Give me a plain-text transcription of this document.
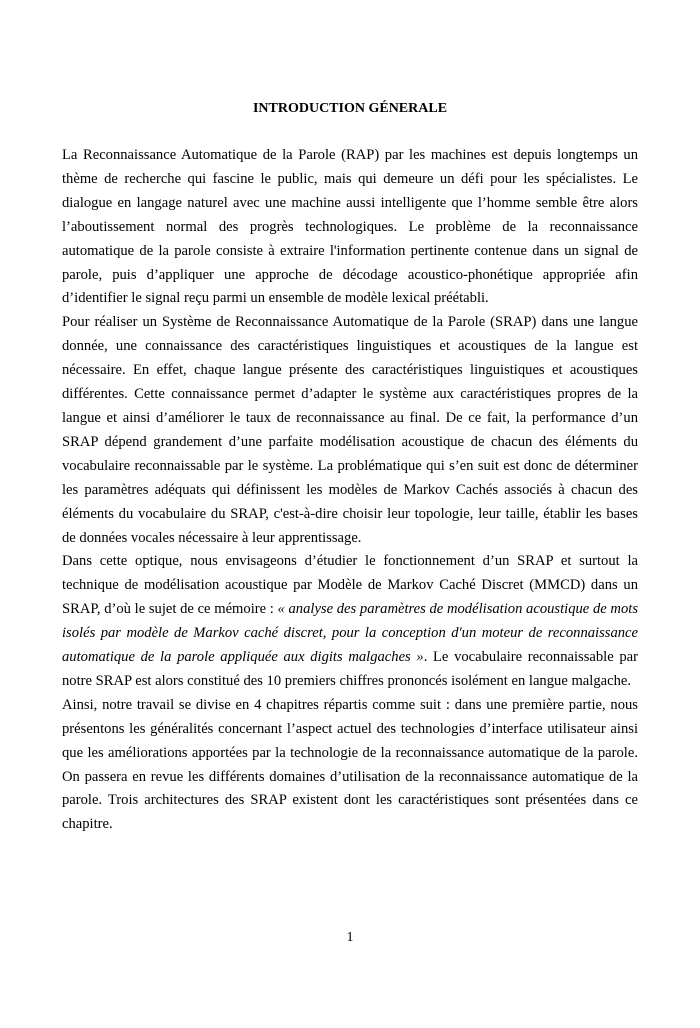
INTRODUCTION GÉNERALE

La Reconnaissance Automatique de la Parole (RAP) par les machines est depuis longtemps un thème de recherche qui fascine le public, mais qui demeure un défi pour les spécialistes. Le dialogue en langage naturel avec une machine aussi intelligente que l’homme semble être alors l’aboutissement normal des progrès technologiques. Le problème de la reconnaissance automatique de la parole consiste à extraire l'information pertinente contenue dans un signal de parole, puis d’appliquer une approche de décodage acoustico-phonétique appropriée afin d’identifier le signal reçu parmi un ensemble de modèle lexical préétabli.

Pour réaliser un Système de Reconnaissance Automatique de la Parole (SRAP) dans une langue donnée, une connaissance des caractéristiques linguistiques et acoustiques de la langue est nécessaire. En effet, chaque langue présente des caractéristiques linguistiques et acoustiques différentes. Cette connaissance permet d’adapter le système aux caractéristiques propres de la langue et ainsi d’améliorer le taux de reconnaissance au final. De ce fait, la performance d’un SRAP dépend grandement d’une parfaite modélisation acoustique de chacun des éléments du vocabulaire reconnaissable par le système. La problématique qui s’en suit est donc de déterminer les paramètres adéquats qui définissent les modèles de Markov Cachés associés à chacun des éléments du vocabulaire du SRAP, c'est-à-dire choisir leur topologie, leur taille, établir les bases de données vocales nécessaire à leur apprentissage.

Dans cette optique, nous envisageons d’étudier le fonctionnement d’un SRAP et surtout la technique de modélisation acoustique par Modèle de Markov Caché Discret (MMCD) dans un SRAP, d’où le sujet de ce mémoire : « analyse des paramètres de modélisation acoustique de mots isolés par modèle de Markov caché discret, pour la conception d'un moteur de reconnaissance automatique de la parole appliquée aux digits malgaches ». Le vocabulaire reconnaissable par notre SRAP est alors constitué des 10 premiers chiffres prononcés isolément en langue malgache.

Ainsi, notre travail se divise en 4 chapitres répartis comme suit : dans une première partie, nous présentons les généralités concernant l’aspect actuel des technologies d’interface utilisateur ainsi que les améliorations apportées par la technologie de la reconnaissance automatique de la parole. On passera en revue les différents domaines d’utilisation de la reconnaissance automatique de la parole. Trois architectures des SRAP existent dont les caractéristiques sont présentées dans ce chapitre.

1
